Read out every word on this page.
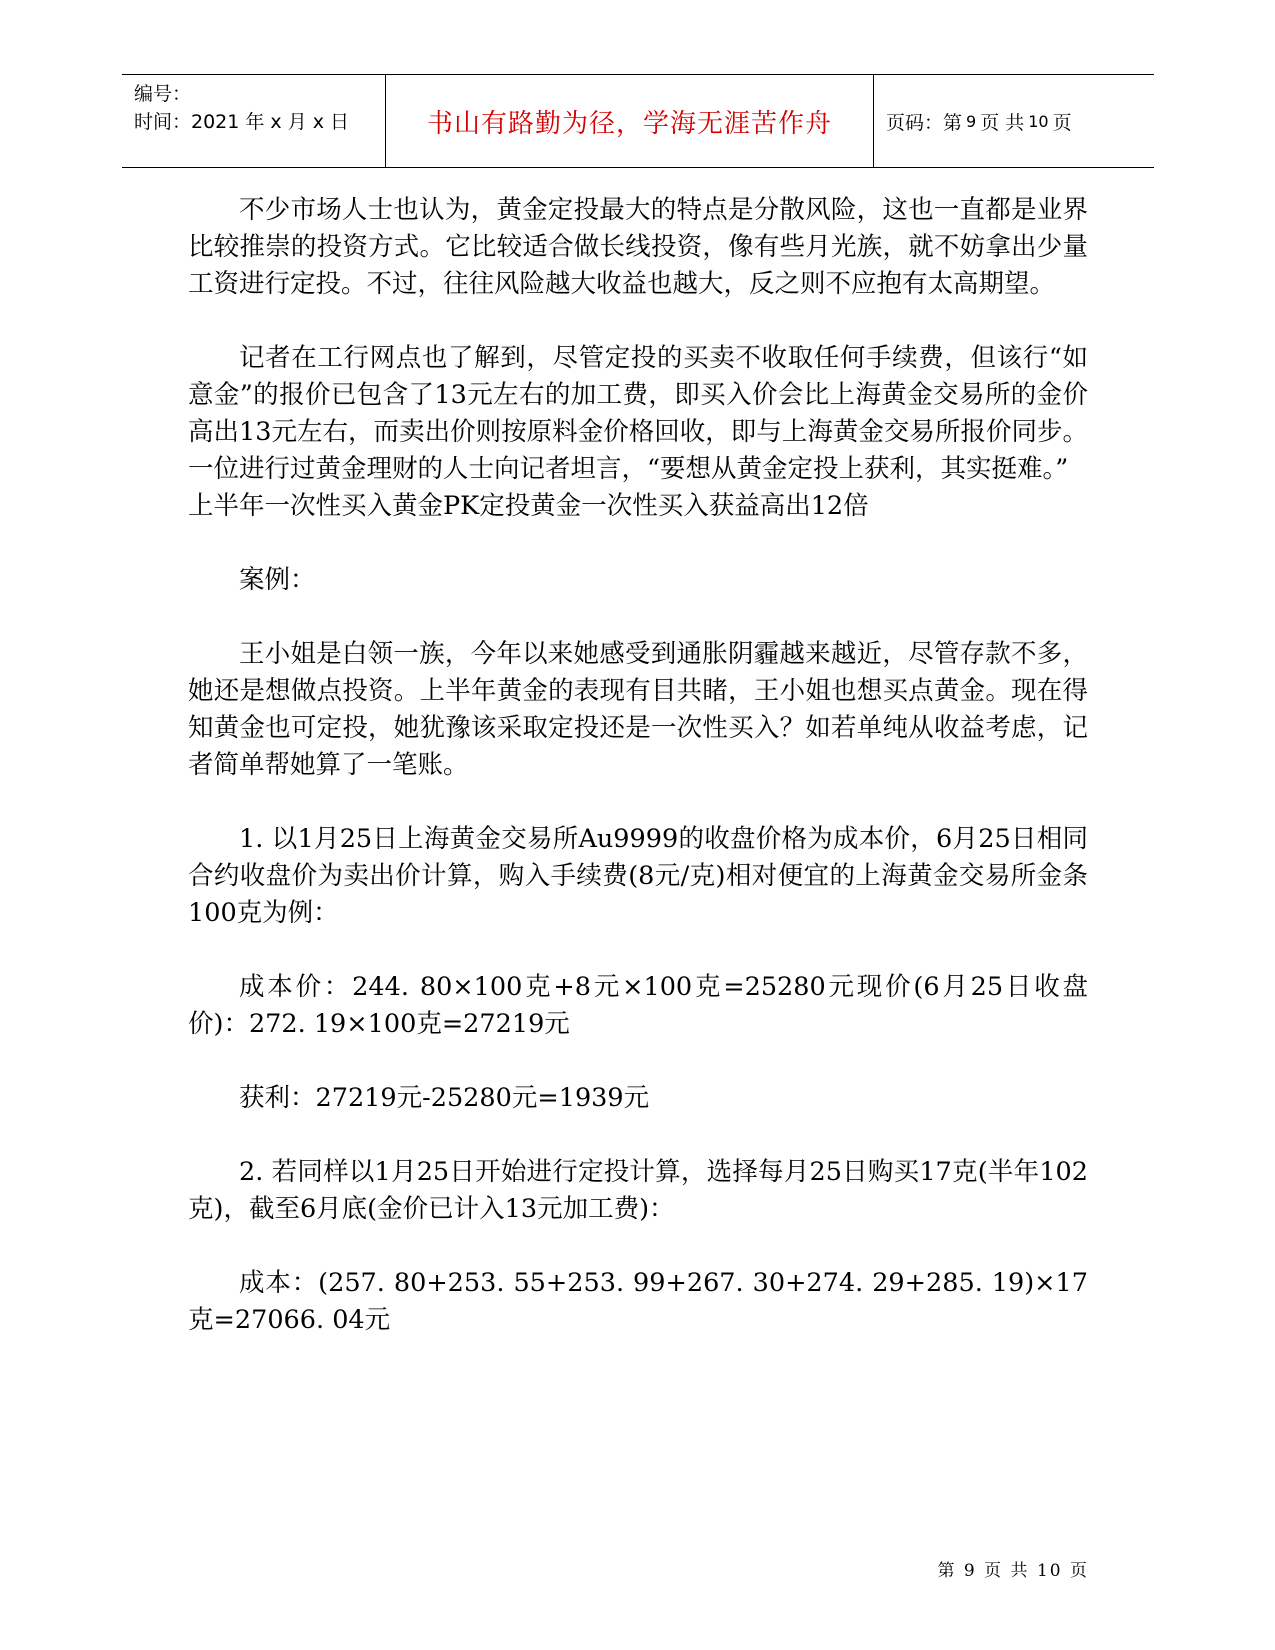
编号：
时间：2021 年 x 月 x 日	书山有路勤为径，学海无涯苦作舟	页码：第 9 页 共 10 页

不少市场人士也认为，黄金定投最大的特点是分散风险，这也一直都是业界比较推崇的投资方式。它比较适合做长线投资，像有些月光族，就不妨拿出少量工资进行定投。不过，往往风险越大收益也越大，反之则不应抱有太高期望。

记者在工行网点也了解到，尽管定投的买卖不收取任何手续费，但该行“如意金”的报价已包含了13元左右的加工费，即买入价会比上海黄金交易所的金价高出13元左右，而卖出价则按原料金价格回收，即与上海黄金交易所报价同步。一位进行过黄金理财的人士向记者坦言，“要想从黄金定投上获利，其实挺难。”

上半年一次性买入黄金PK定投黄金一次性买入获益高出12倍

案例：

王小姐是白领一族，今年以来她感受到通胀阴霾越来越近，尽管存款不多，她还是想做点投资。上半年黄金的表现有目共睹，王小姐也想买点黄金。现在得知黄金也可定投，她犹豫该采取定投还是一次性买入？如若单纯从收益考虑，记者简单帮她算了一笔账。

1. 以1月25日上海黄金交易所Au9999的收盘价格为成本价，6月25日相同合约收盘价为卖出价计算，购入手续费(8元/克)相对便宜的上海黄金交易所金条100克为例：

成本价：244. 80×100克+8元×100克=25280元现价(6月25日收盘价)：272. 19×100克=27219元

获利：27219元-25280元=1939元

2. 若同样以1月25日开始进行定投计算，选择每月25日购买17克(半年102克)，截至6月底(金价已计入13元加工费)：

成本：(257. 80+253. 55+253. 99+267. 30+274. 29+285. 19)×17克=27066. 04元

第 9 页 共 10 页
